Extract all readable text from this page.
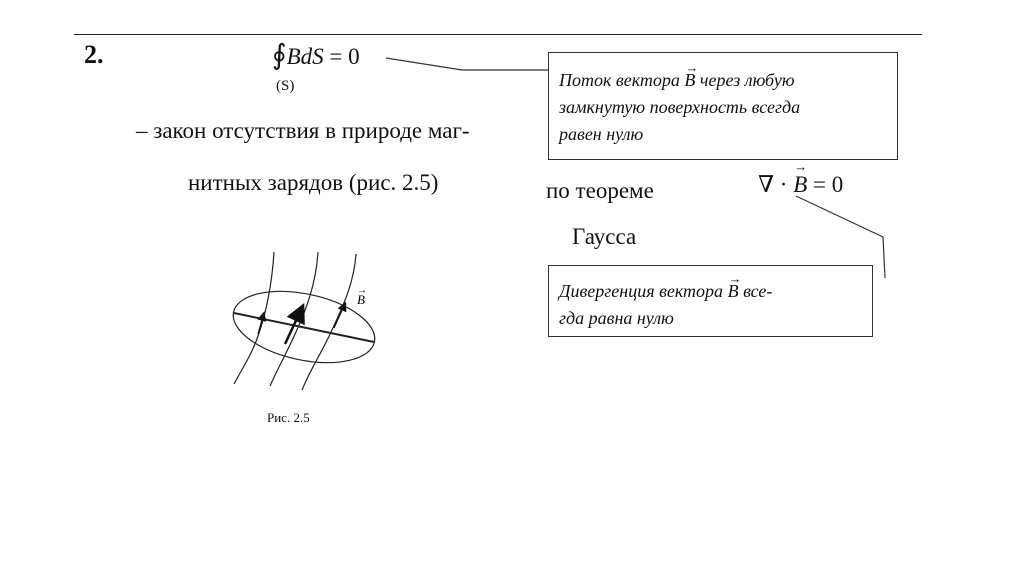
2.	∮BdS = 0
(S)
– закон отсутствия в природе маг-
нитных зарядов (рис. 2.5)
Поток вектора → B через любую
замкнутую поверхность всегда
равен нулю
по теореме
Гаусса
∇ · → B = 0
Дивергенция вектора → B все-
гда равна нулю
B
→
Рис. 2.5
